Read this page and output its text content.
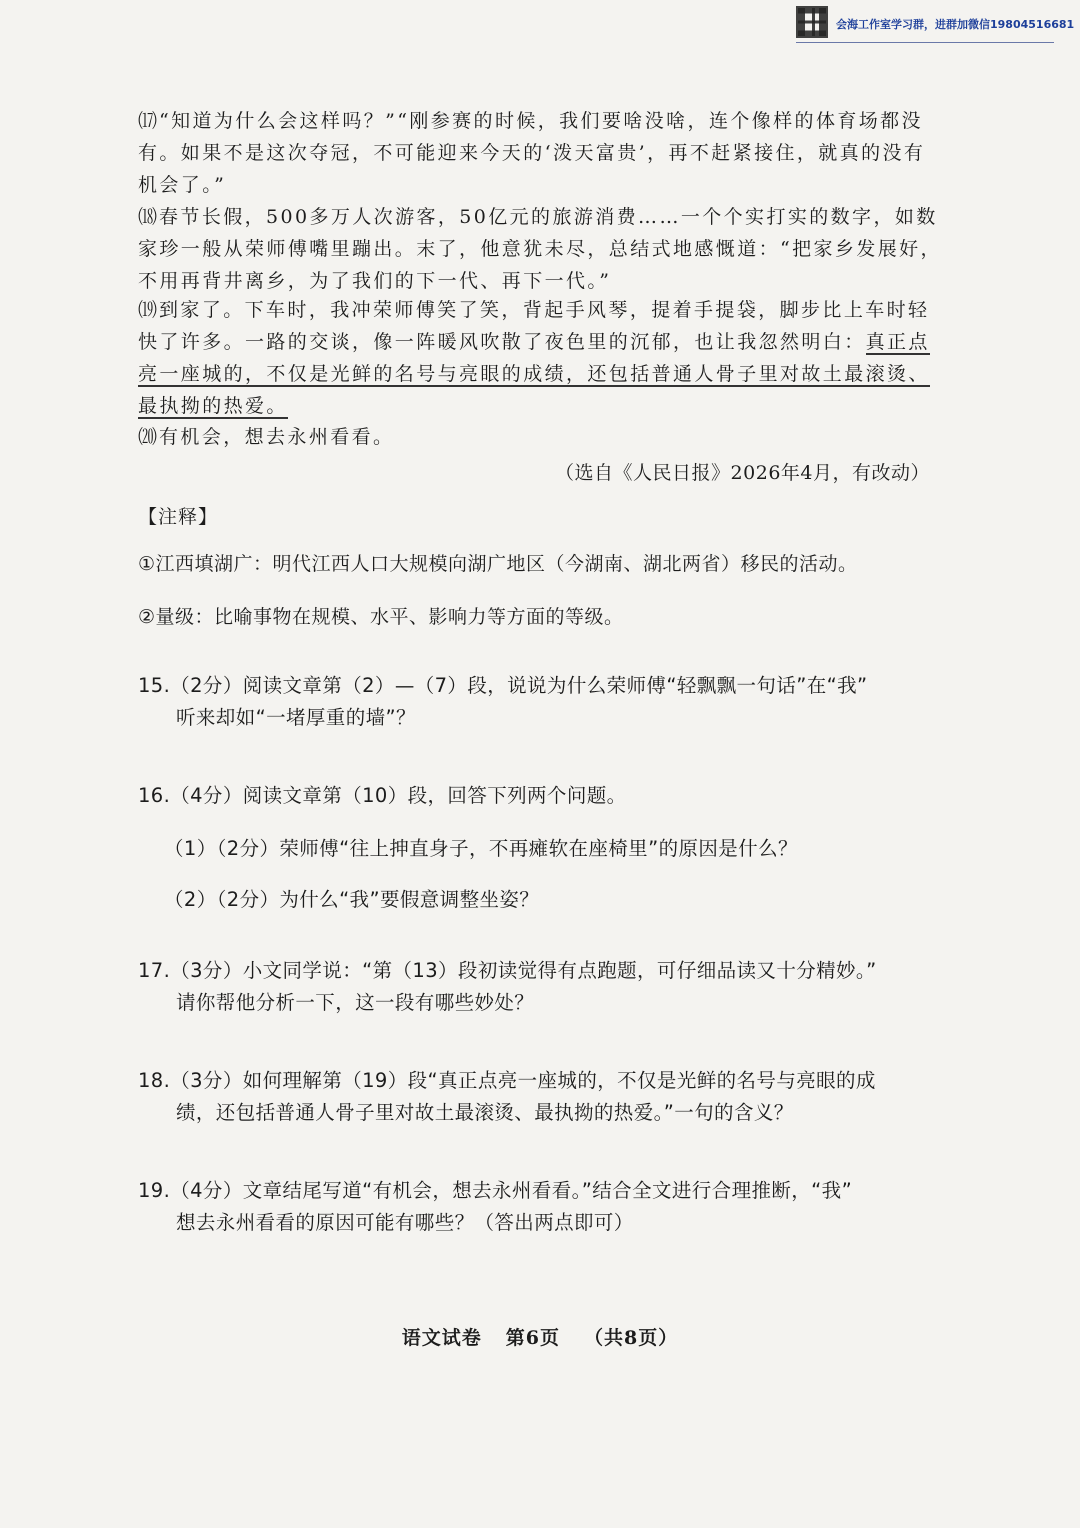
会海工作室学习群，进群加微信19804516681

⒄ “知道为什么会这样吗？”“刚参赛的时候，我们要啥没啥，连个像样的体育场都没有。如果不是这次夺冠，不可能迎来今天的‘泼天富贵’，再不赶紧接住，就真的没有机会了。”

⒅ 春节长假，500多万人次游客，50亿元的旅游消费……一个个实打实的数字，如数家珍一般从荣师傅嘴里蹦出。末了，他意犹未尽，总结式地感慨道：“把家乡发展好，不用再背井离乡，为了我们的下一代、再下一代。”

⒆ 到家了。下车时，我冲荣师傅笑了笑，背起手风琴，提着手提袋，脚步比上车时轻快了许多。一路的交谈，像一阵暖风吹散了夜色里的沉郁，也让我忽然明白：真正点亮一座城的，不仅是光鲜的名号与亮眼的成绩，还包括普通人骨子里对故土最滚烫、最执拗的热爱。

⒇ 有机会，想去永州看看。

（选自《人民日报》2026年4月，有改动）
【注释】
①江西填湖广：明代江西人口大规模向湖广地区（今湖南、湖北两省）移民的活动。
②量级：比喻事物在规模、水平、影响力等方面的等级。
15.（2分）阅读文章第（2）—（7）段，说说为什么荣师傅“轻飘飘一句话”在“我”
听来却如“一堵厚重的墙”？
16.（4分）阅读文章第（10）段，回答下列两个问题。
（1）（2分）荣师傅“往上抻直身子，不再瘫软在座椅里”的原因是什么？
（2）（2分）为什么“我”要假意调整坐姿？
17.（3分）小文同学说：“第（13）段初读觉得有点跑题，可仔细品读又十分精妙。”
请你帮他分析一下，这一段有哪些妙处？
18.（3分）如何理解第（19）段“真正点亮一座城的，不仅是光鲜的名号与亮眼的成
绩，还包括普通人骨子里对故土最滚烫、最执拗的热爱。”一句的含义？
19.（4分）文章结尾写道“有机会，想去永州看看。”结合全文进行合理推断，“我”
想去永州看看的原因可能有哪些？（答出两点即可）
语文试卷 第6页 （共8页）
